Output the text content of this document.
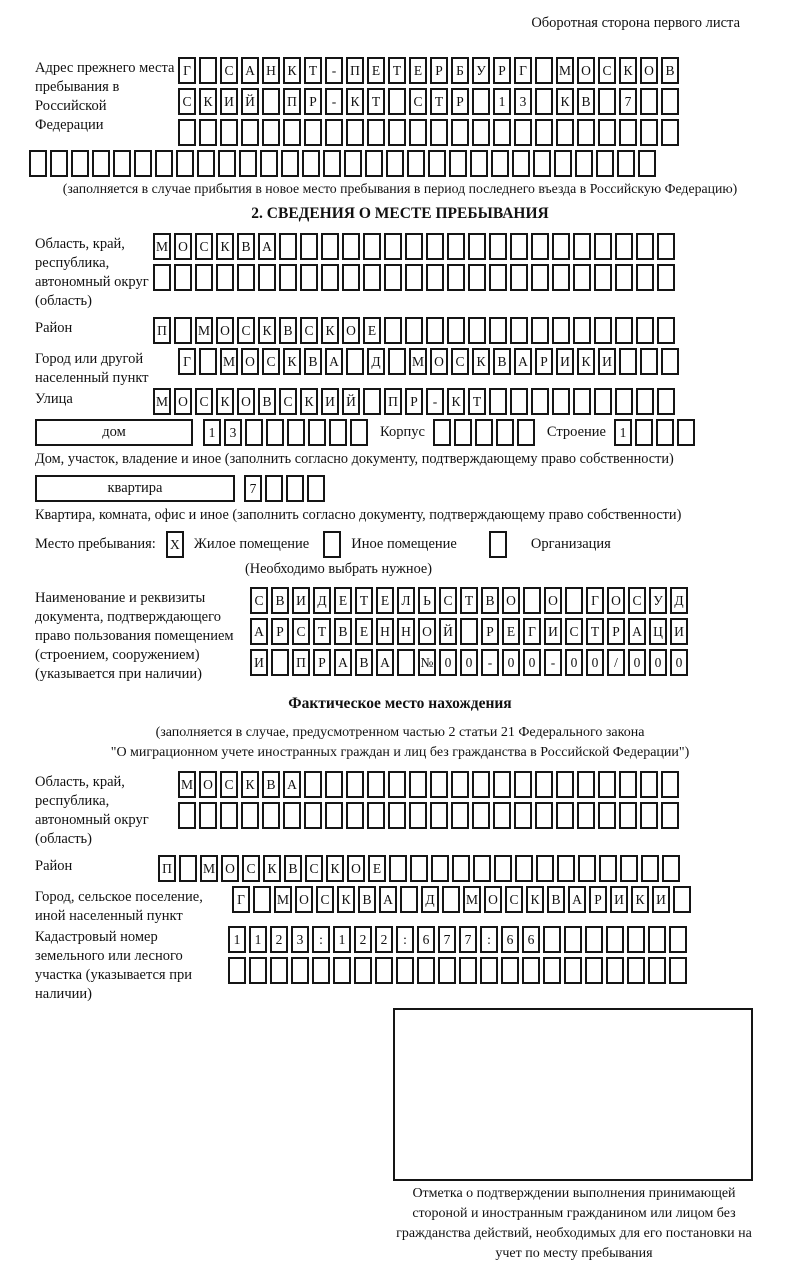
Оборотная сторона первого листа
Адрес прежнего места пребывания в Российской Федерации
Г	С А Н К Т	-	П Е Т Е Р Б У Р Г	М О С К О В
С К И Й	П Р	-	К Т	С Т Р	1	3	К В	7
(заполняется в случае прибытия в новое место пребывания в период последнего въезда в Российскую Федерацию)
2. СВЕДЕНИЯ О МЕСТЕ ПРЕБЫВАНИЯ
Область, край, республика, автономный округ (область)
М О С К В А
Район	П	М О С К В С К О Е
Город или другой населенный пункт
Г	М О С К В А	Д	М О С К В А Р И К И
Улица	М О С К О В С К И Й	П Р	-	К Т
дом	1	3	Корпус	Строение	1
Дом, участок, владение и иное (заполнить согласно документу, подтверждающему право собственности)
квартира	7
Квартира, комната, офис и иное (заполнить согласно документу, подтверждающему право собственности)
Место пребывания:	X Жилое помещение	Иное помещение	Организация
(Необходимо выбрать нужное)
Наименование и реквизиты документа, подтверждающего право пользования помещением (строением, сооружением) (указывается при наличии)
С В И Д Е Т Е Л Ь С Т В О	О	Г О С У Д
А Р С Т В Е Н Н О Й	Р Е Г И С Т Р А Ц И
И	П Р А В А	№ 0	0	-	0	0	-	0	0	/	0	0	0
Фактическое место нахождения
(заполняется в случае, предусмотренном частью 2 статьи 21 Федерального закона
"О миграционном учете иностранных граждан и лиц без гражданства в Российской Федерации")
Область, край, республика, автономный округ (область)
М О С К В А
Район	П	М О С К В С К О Е
Город, сельское поселение, иной населенный пункт
Г	М О С К В А	Д	М О С К В А Р И К И
Кадастровый номер земельного или лесного участка (указывается при наличии)
1	1	2	3	:	1	2	2	:	6	7	7	:	6	6
Отметка о подтверждении выполнения принимающей стороной и иностранным гражданином или лицом без гражданства действий, необходимых для его постановки на учет по месту пребывания
